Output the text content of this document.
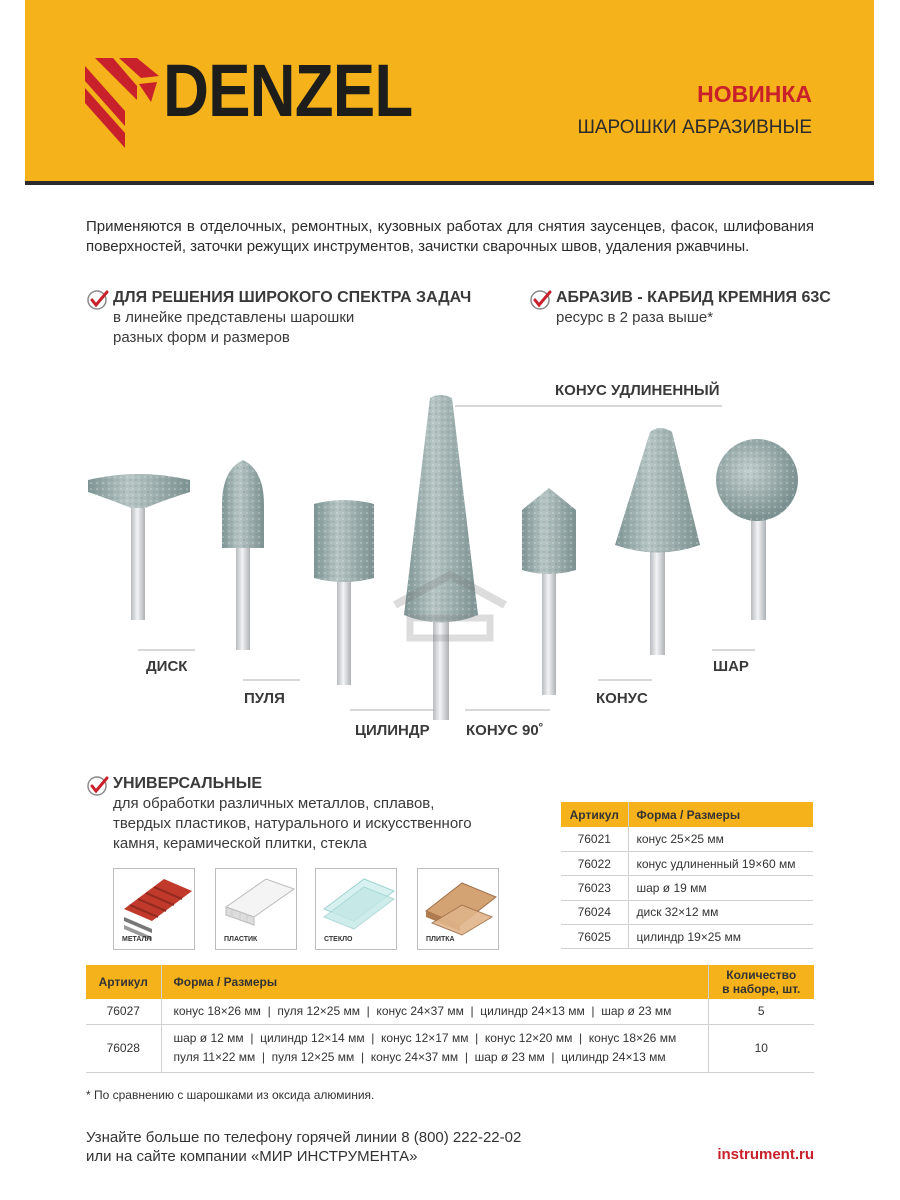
DENZEL	НОВИНКА
ШАРОШКИ АБРАЗИВНЫЕ
Применяются в отделочных, ремонтных, кузовных работах для снятия заусенцев, фасок, шлифования поверхностей, заточки режущих инструментов, зачистки сварочных швов, удаления ржавчины.
ДЛЯ РЕШЕНИЯ ШИРОКОГО СПЕКТРА ЗАДАЧ
в линейке представлены шарошки
разных форм и размеров
АБРАЗИВ - КАРБИД КРЕМНИЯ 63С
ресурс в 2 раза выше*
КОНУС УДЛИНЕННЫЙ
ДИСК	ШАР
ПУЛЯ	КОНУС
ЦИЛИНДР КОНУС 90˚
УНИВЕРСАЛЬНЫЕ
для обработки различных металлов, сплавов,
твердых пластиков, натурального и искусственного
камня, керамической плитки, стекла
МЕТАЛЛ	ПЛАСТИК	СТЕКЛО	ПЛИТКА
Артикул	Форма / Размеры
76021	конус 25×25 мм
76022	конус удлиненный 19×60 мм
76023	шар ø 19 мм
76024	диск 32×12 мм
76025	цилиндр 19×25 мм
Артикул	Форма / Размеры	Количество
в наборе, шт.

76027	конус 18×26 мм  |  пуля 12×25 мм  |  конус 24×37 мм  |  цилиндр 24×13 мм  |  шар ø 23 мм	5
76028	шар ø 12 мм  |  цилиндр 12×14 мм  |  конус 12×17 мм  |  конус 12×20 мм  |  конус 18×26 мм
пуля 11×22 мм  |  пуля 12×25 мм  |  конус 24×37 мм  |  шар ø 23 мм  |  цилиндр 24×13 мм	10
* По сравнению с шарошками из оксида алюминия.
Узнайте больше по телефону горячей линии 8 (800) 222-22-02
или на сайте компании «МИР ИНСТРУМЕНТА»	instrument.ru
